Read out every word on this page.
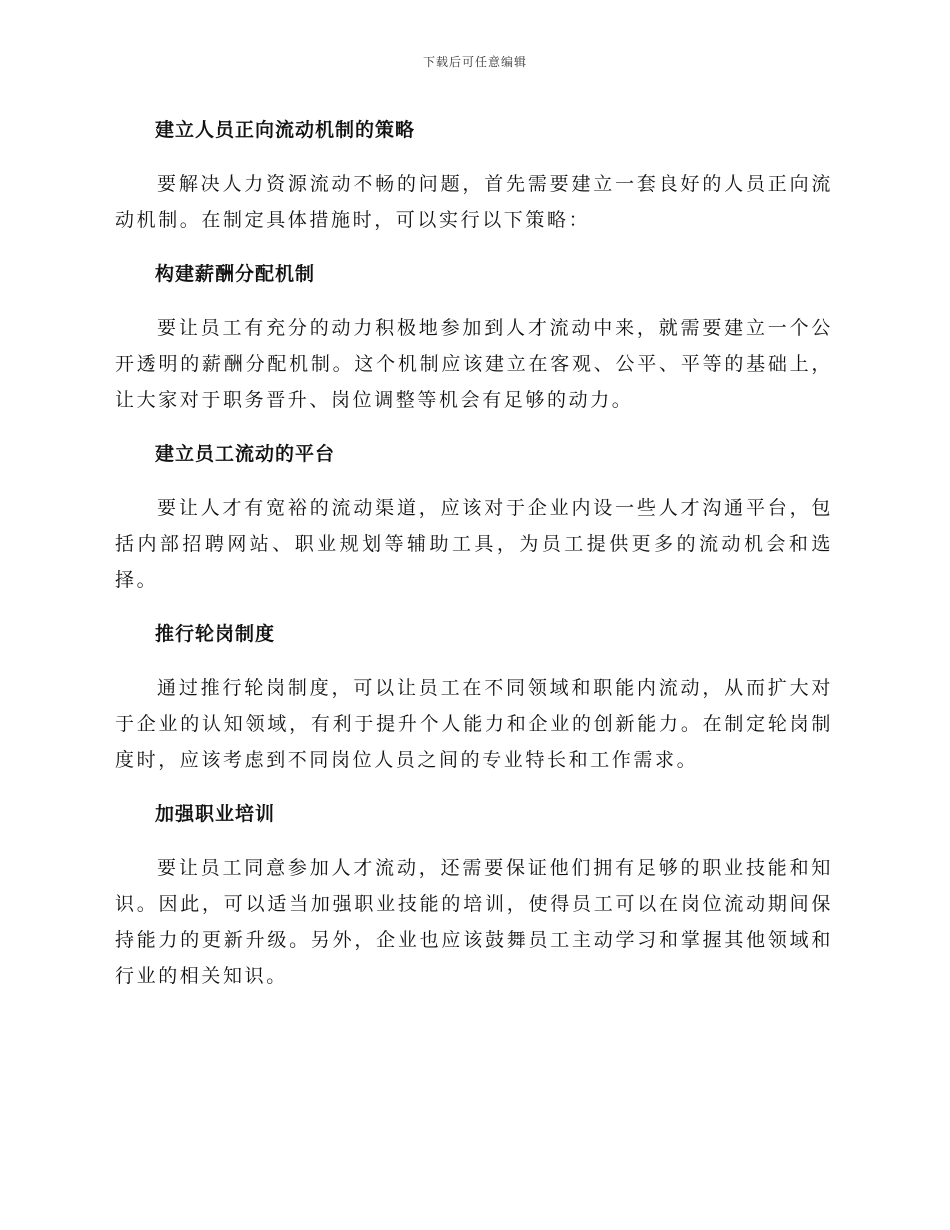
下载后可任意编辑
建立人员正向流动机制的策略
要解决人力资源流动不畅的问题，首先需要建立一套良好的人员正向流动机制。在制定具体措施时，可以实行以下策略：
构建薪酬分配机制
要让员工有充分的动力积极地参加到人才流动中来，就需要建立一个公开透明的薪酬分配机制。这个机制应该建立在客观、公平、平等的基础上，让大家对于职务晋升、岗位调整等机会有足够的动力。
建立员工流动的平台
要让人才有宽裕的流动渠道，应该对于企业内设一些人才沟通平台，包括内部招聘网站、职业规划等辅助工具，为员工提供更多的流动机会和选择。
推行轮岗制度
通过推行轮岗制度，可以让员工在不同领域和职能内流动，从而扩大对于企业的认知领域，有利于提升个人能力和企业的创新能力。在制定轮岗制度时，应该考虑到不同岗位人员之间的专业特长和工作需求。
加强职业培训
要让员工同意参加人才流动，还需要保证他们拥有足够的职业技能和知识。因此，可以适当加强职业技能的培训，使得员工可以在岗位流动期间保持能力的更新升级。另外，企业也应该鼓舞员工主动学习和掌握其他领域和行业的相关知识。
